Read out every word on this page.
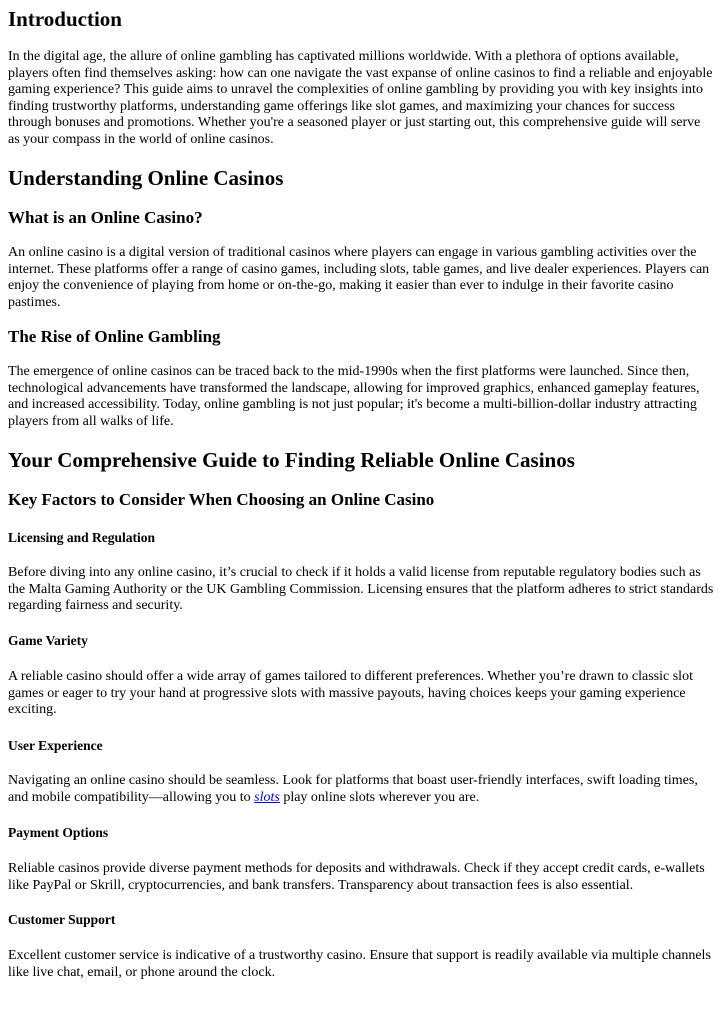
Introduction

In the digital age, the allure of online gambling has captivated millions worldwide. With a plethora of options available, players often find themselves asking: how can one navigate the vast expanse of online casinos to find a reliable and enjoyable gaming experience? This guide aims to unravel the complexities of online gambling by providing you with key insights into finding trustworthy platforms, understanding game offerings like slot games, and maximizing your chances for success through bonuses and promotions. Whether you're a seasoned player or just starting out, this comprehensive guide will serve as your compass in the world of online casinos.

Understanding Online Casinos
What is an Online Casino?

An online casino is a digital version of traditional casinos where players can engage in various gambling activities over the internet. These platforms offer a range of casino games, including slots, table games, and live dealer experiences. Players can enjoy the convenience of playing from home or on-the-go, making it easier than ever to indulge in their favorite casino pastimes.

The Rise of Online Gambling

The emergence of online casinos can be traced back to the mid-1990s when the first platforms were launched. Since then, technological advancements have transformed the landscape, allowing for improved graphics, enhanced gameplay features, and increased accessibility. Today, online gambling is not just popular; it's become a multi-billion-dollar industry attracting players from all walks of life.

Your Comprehensive Guide to Finding Reliable Online Casinos
Key Factors to Consider When Choosing an Online Casino
Licensing and Regulation

Before diving into any online casino, it’s crucial to check if it holds a valid license from reputable regulatory bodies such as the Malta Gaming Authority or the UK Gambling Commission. Licensing ensures that the platform adheres to strict standards regarding fairness and security.

Game Variety

A reliable casino should offer a wide array of games tailored to different preferences. Whether you’re drawn to classic slot games or eager to try your hand at progressive slots with massive payouts, having choices keeps your gaming experience exciting.

User Experience

Navigating an online casino should be seamless. Look for platforms that boast user-friendly interfaces, swift loading times, and mobile compatibility—allowing you to slots play online slots wherever you are.

Payment Options

Reliable casinos provide diverse payment methods for deposits and withdrawals. Check if they accept credit cards, e-wallets like PayPal or Skrill, cryptocurrencies, and bank transfers. Transparency about transaction fees is also essential.

Customer Support

Excellent customer service is indicative of a trustworthy casino. Ensure that support is readily available via multiple channels like live chat, email, or phone around the clock.
